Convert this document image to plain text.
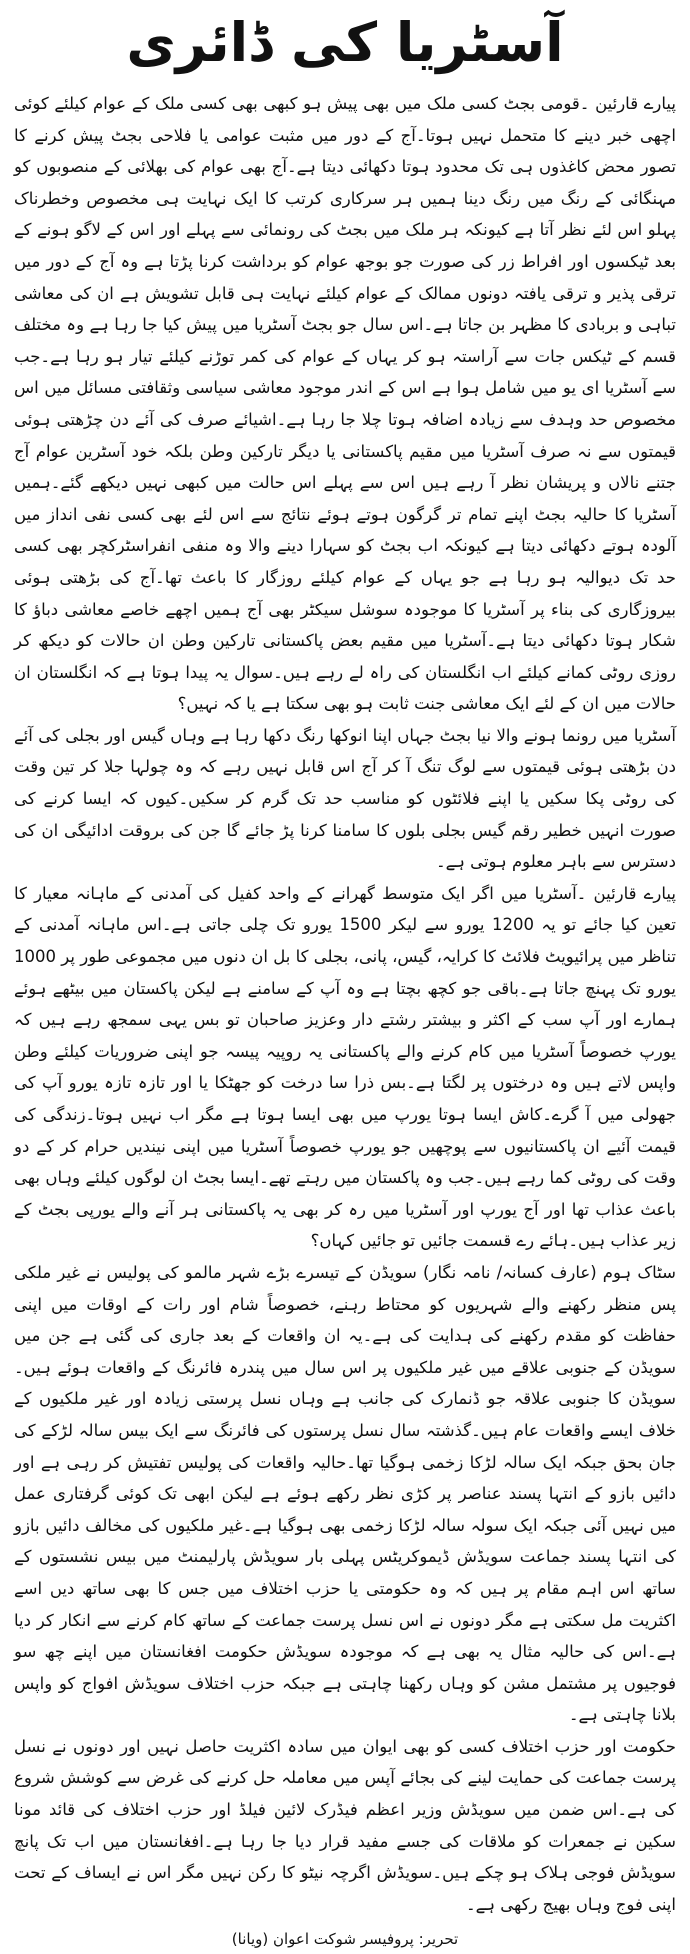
آسٹریا کی ڈائری

پیارے قارئین ۔قومی بجٹ کسی ملک میں بھی پیش ہو کبھی بھی کسی ملک کے عوام کیلئے کوئی اچھی خبر دینے کا متحمل نہیں ہوتا۔آج کے دور میں مثبت عوامی یا فلاحی بجٹ پیش کرنے کا تصور محض کاغذوں ہی تک محدود ہوتا دکھائی دیتا ہے۔آج بھی عوام کی بھلائی کے منصوبوں کو مہنگائی کے رنگ میں رنگ دینا ہمیں ہر سرکاری کرتب کا ایک نہایت ہی مخصوص وخطرناک پہلو اس لئے نظر آتا ہے کیونکہ ہر ملک میں بجٹ کی رونمائی سے پہلے اور اس کے لاگو ہونے کے بعد ٹیکسوں اور افراط زر کی صورت جو بوجھ عوام کو برداشت کرنا پڑتا ہے وہ آج کے دور میں ترقی پذیر و ترقی یافتہ دونوں ممالک کے عوام کیلئے نہایت ہی قابل تشویش ہے ان کی معاشی تباہی و بربادی کا مظہر بن جاتا ہے۔اس سال جو بجٹ آسٹریا میں پیش کیا جا رہا ہے وہ مختلف قسم کے ٹیکس جات سے آراستہ ہو کر یہاں کے عوام کی کمر توڑنے کیلئے تیار ہو رہا ہے۔جب سے آسٹریا ای یو میں شامل ہوا ہے اس کے اندر موجود معاشی سیاسی وثقافتی مسائل میں اس مخصوص حد وہدف سے زیادہ اضافہ ہوتا چلا جا رہا ہے۔اشیائے صرف کی آئے دن چڑھتی ہوئی قیمتوں سے نہ صرف آسٹریا میں مقیم پاکستانی یا دیگر تارکین وطن بلکہ خود آسٹرین عوام آج جتنے نالاں و پریشان نظر آ رہے ہیں اس سے پہلے اس حالت میں کبھی نہیں دیکھے گئے۔ہمیں آسٹریا کا حالیہ بجٹ اپنے تمام تر گرگون ہوتے ہوئے نتائج سے اس لئے بھی کسی نفی انداز میں آلودہ ہوتے دکھائی دیتا ہے کیونکہ اب بجٹ کو سہارا دینے والا وہ منفی انفراسٹرکچر بھی کسی حد تک دیوالیہ ہو رہا ہے جو یہاں کے عوام کیلئے روزگار کا باعث تھا۔آج کی بڑھتی ہوئی بیروزگاری کی بناء پر آسٹریا کا موجودہ سوشل سیکٹر بھی آج ہمیں اچھے خاصے معاشی دباؤ کا شکار ہوتا دکھائی دیتا ہے۔آسٹریا میں مقیم بعض پاکستانی تارکین وطن ان حالات کو دیکھ کر روزی روٹی کمانے کیلئے اب انگلستان کی راہ لے رہے ہیں۔سوال یہ پیدا ہوتا ہے کہ انگلستان ان حالات میں ان کے لئے ایک معاشی جنت ثابت ہو بھی سکتا ہے یا کہ نہیں؟

آسٹریا میں رونما ہونے والا نیا بجٹ جہاں اپنا انوکھا رنگ دکھا رہا ہے وہاں گیس اور بجلی کی آئے دن بڑھتی ہوئی قیمتوں سے لوگ تنگ آ کر آج اس قابل نہیں رہے کہ وہ چولہا جلا کر تین وقت کی روٹی پکا سکیں یا اپنے فلائٹوں کو مناسب حد تک گرم کر سکیں۔کیوں کہ ایسا کرنے کی صورت انہیں خطیر رقم گیس بجلی بلوں کا سامنا کرنا پڑ جائے گا جن کی بروقت ادائیگی ان کی دسترس سے باہر معلوم ہوتی ہے۔

پیارے قارئین ۔آسٹریا میں اگر ایک متوسط گھرانے کے واحد کفیل کی آمدنی کے ماہانہ معیار کا تعین کیا جائے تو یہ 1200 یورو سے لیکر 1500 یورو تک چلی جاتی ہے۔اس ماہانہ آمدنی کے تناظر میں پرائیویٹ فلائٹ کا کرایہ، گیس، پانی، بجلی کا بل ان دنوں میں مجموعی طور پر 1000 یورو تک پہنچ جاتا ہے۔باقی جو کچھ بچتا ہے وہ آپ کے سامنے ہے لیکن پاکستان میں بیٹھے ہوئے ہمارے اور آپ سب کے اکثر و بیشتر رشتے دار وعزیز صاحبان تو بس یہی سمجھ رہے ہیں کہ یورپ خصوصاً آسٹریا میں کام کرنے والے پاکستانی یہ روپیہ پیسہ جو اپنی ضروریات کیلئے وطن واپس لاتے ہیں وہ درختوں پر لگتا ہے۔بس ذرا سا درخت کو جھٹکا یا اور تازہ تازہ یورو آپ کی جھولی میں آ گرے۔کاش ایسا ہوتا یورپ میں بھی ایسا ہوتا ہے مگر اب نہیں ہوتا۔زندگی کی قیمت آئیے ان پاکستانیوں سے پوچھیں جو یورپ خصوصاً آسٹریا میں اپنی نیندیں حرام کر کے دو وقت کی روٹی کما رہے ہیں۔جب وہ پاکستان میں رہتے تھے۔ایسا بجٹ ان لوگوں کیلئے وہاں بھی باعث عذاب تھا اور آج یورپ اور آسٹریا میں رہ کر بھی یہ پاکستانی ہر آنے والے یورپی بجٹ کے زیر عذاب ہیں۔ہائے رے قسمت جائیں تو جائیں کہاں؟

سٹاک ہوم (عارف کسانہ/ نامہ نگار) سویڈن کے تیسرے بڑے شہر مالمو کی پولیس نے غیر ملکی پس منظر رکھنے والے شہریوں کو محتاط رہنے، خصوصاً شام اور رات کے اوقات میں اپنی حفاظت کو مقدم رکھنے کی ہدایت کی ہے۔یہ ان واقعات کے بعد جاری کی گئی ہے جن میں سویڈن کے جنوبی علاقے میں غیر ملکیوں پر اس سال میں پندرہ فائرنگ کے واقعات ہوئے ہیں۔سویڈن کا جنوبی علاقہ جو ڈنمارک کی جانب ہے وہاں نسل پرستی زیادہ اور غیر ملکیوں کے خلاف ایسے واقعات عام ہیں۔گذشتہ سال نسل پرستوں کی فائرنگ سے ایک بیس سالہ لڑکے کی جان بحق جبکہ ایک سالہ لڑکا زخمی ہوگیا تھا۔حالیہ واقعات کی پولیس تفتیش کر رہی ہے اور دائیں بازو کے انتہا پسند عناصر پر کڑی نظر رکھے ہوئے ہے لیکن ابھی تک کوئی گرفتاری عمل میں نہیں آئی جبکہ ایک سولہ سالہ لڑکا زخمی بھی ہوگیا ہے۔غیر ملکیوں کی مخالف دائیں بازو کی انتہا پسند جماعت سویڈش ڈیموکریٹس پہلی بار سویڈش پارلیمنٹ میں بیس نشستوں کے ساتھ اس اہم مقام پر ہیں کہ وہ حکومتی یا حزب اختلاف میں جس کا بھی ساتھ دیں اسے اکثریت مل سکتی ہے مگر دونوں نے اس نسل پرست جماعت کے ساتھ کام کرنے سے انکار کر دیا ہے۔اس کی حالیہ مثال یہ بھی ہے کہ موجودہ سویڈش حکومت افغانستان میں اپنے چھ سو فوجیوں پر مشتمل مشن کو وہاں رکھنا چاہتی ہے جبکہ حزب اختلاف سویڈش افواج کو واپس بلانا چاہتی ہے۔

حکومت اور حزب اختلاف کسی کو بھی ایوان میں سادہ اکثریت حاصل نہیں اور دونوں نے نسل پرست جماعت کی حمایت لینے کی بجائے آپس میں معاملہ حل کرنے کی غرض سے کوشش شروع کی ہے۔اس ضمن میں سویڈش وزیر اعظم فیڈرک لائین فیلڈ اور حزب اختلاف کی قائد مونا سکین نے جمعرات کو ملاقات کی جسے مفید قرار دیا جا رہا ہے۔افغانستان میں اب تک پانچ سویڈش فوجی ہلاک ہو چکے ہیں۔سویڈش اگرچہ نیٹو کا رکن نہیں مگر اس نے ایساف کے تحت اپنی فوج وہاں بھیج رکھی ہے۔

تحریر: پروفیسر شوکت اعوان (ویانا)
